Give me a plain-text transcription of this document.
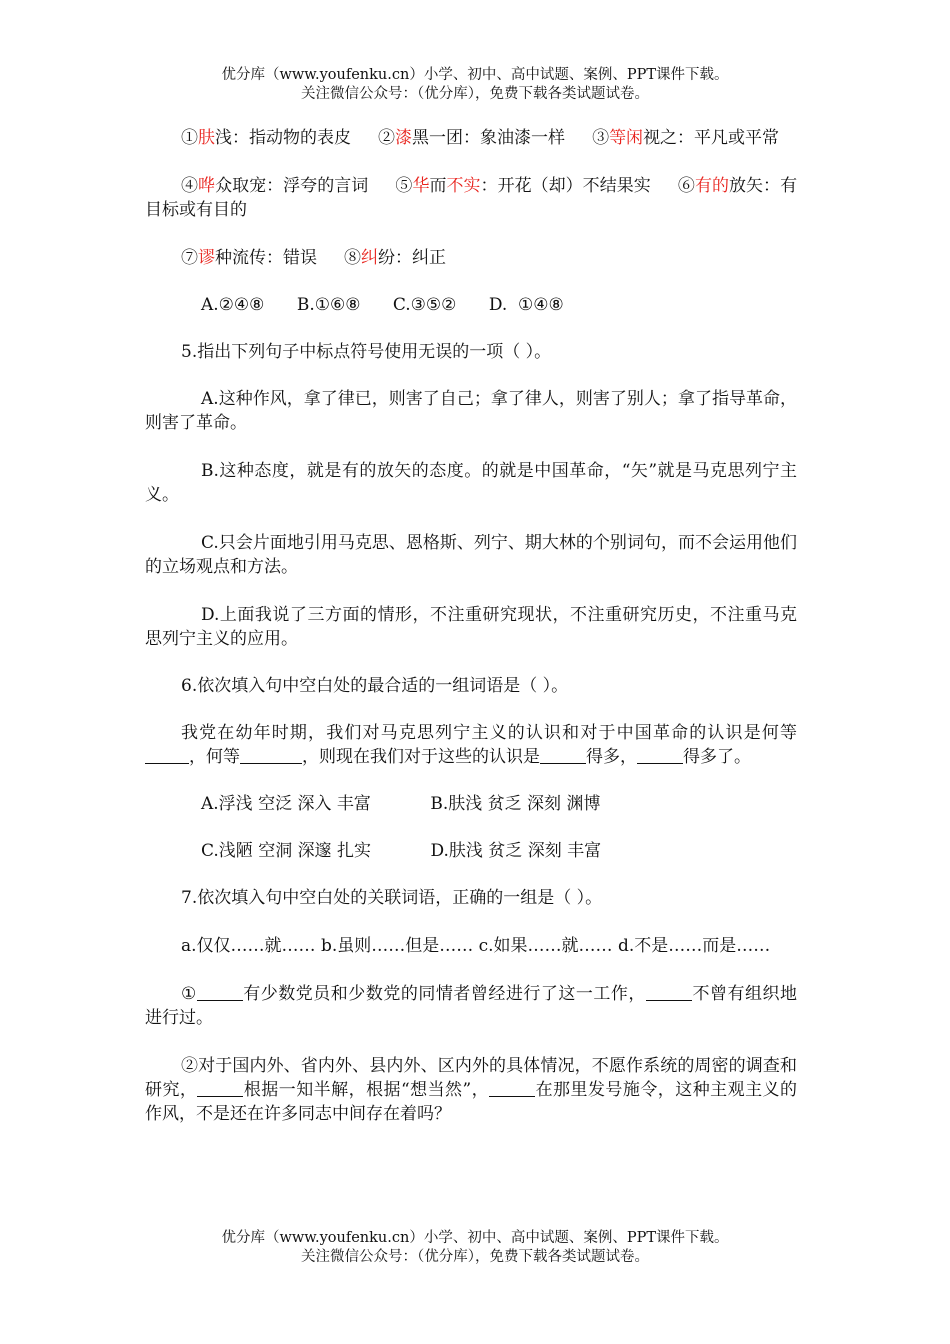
优分库（www.youfenku.cn）小学、初中、高中试题、案例、PPT课件下载。
关注微信公众号：（优分库），免费下载各类试题试卷。

①肤浅：指动物的表皮 ②漆黑一团：象油漆一样 ③等闲视之：平凡或平常

④哗众取宠：浮夸的言词 ⑤华而不实：开花（却）不结果实 ⑥有的放矢：有目标或有目的

⑦谬种流传：错误 ⑧纠纷：纠正

A.②④⑧      B.①⑥⑧      C.③⑤②      D.  ①④⑧

5.指出下列句子中标点符号使用无误的一项（ ）。

A.这种作风，拿了律已，则害了自己；拿了律人，则害了别人；拿了指导革命，则害了革命。

B.这种态度，就是有的放矢的态度。的就是中国革命，“矢”就是马克思列宁主义。

C.只会片面地引用马克思、恩格斯、列宁、期大林的个别词句，而不会运用他们的立场观点和方法。

D.上面我说了三方面的情形，不注重研究现状，不注重研究历史，不注重马克思列宁主义的应用。

6.依次填入句中空白处的最合适的一组词语是（ ）。

我党在幼年时期，我们对马克思列宁主义的认识和对于中国革命的认识是何等，何等	，则现在我们对于这些的认识是	得多，	得多了。

A.浮浅 空泛 深入 丰富           B.肤浅 贫乏 深刻 渊博

C.浅陋 空洞 深邃 扎实           D.肤浅 贫乏 深刻 丰富

7.依次填入句中空白处的关联词语，正确的一组是（ ）。

a.仅仅……就…… b.虽则……但是…… c.如果……就…… d.不是……而是……

①	有少数党员和少数党的同情者曾经进行了这一工作，	不曾有组织地进行过。

②对于国内外、省内外、县内外、区内外的具体情况，不愿作系统的周密的调查和研究，	根据一知半解，根据“想当然”，	在那里发号施令，这种主观主义的作风，不是还在许多同志中间存在着吗？

优分库（www.youfenku.cn）小学、初中、高中试题、案例、PPT课件下载。
关注微信公众号：（优分库），免费下载各类试题试卷。
